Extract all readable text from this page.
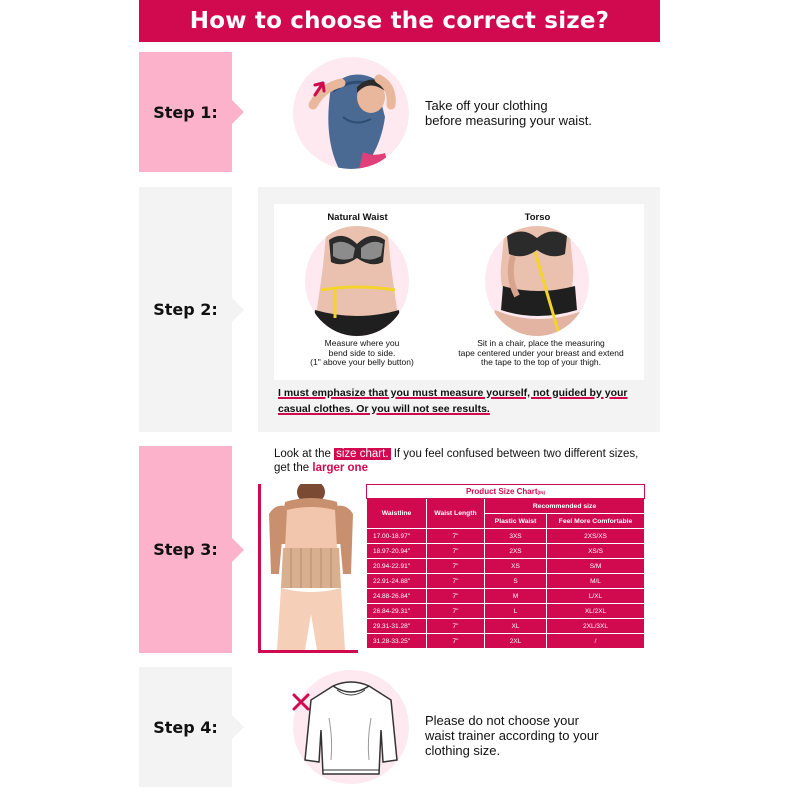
How to choose the correct size?
Step 1:	Take off your clothing
before measuring your waist.
Step 2:
Natural Waist
Measure where you
bend side to side.
(1" above your belly button)
Torso
Sit in a chair, place the measuring
tape centered under your breast and extend
the tape to the top of your thigh.
I must emphasize that you must measure yourself, not guided by your
casual clothes. Or you will not see results.
Step 3:
Look at the size chart. If you feel confused between two different sizes,
get the larger one
Product Size Chart(IN)			
Waistline	Waist Length	Recommended size	
		Plastic Waist	Feel More Comfortable
17.00-18.97"	7"	3XS	2XS/XS
18.97-20.94"	7"	2XS	XS/S
20.94-22.91"	7"	XS	S/M
22.91-24.88"	7"	S	M/L
24.88-26.84"	7"	M	L/XL
26.84-29.31"	7"	L	XL/2XL
29.31-31.28"	7"	XL	2XL/3XL
31.28-33.25"	7"	2XL	/
Step 4:	Please do not choose your
waist trainer according to your
clothing size.
